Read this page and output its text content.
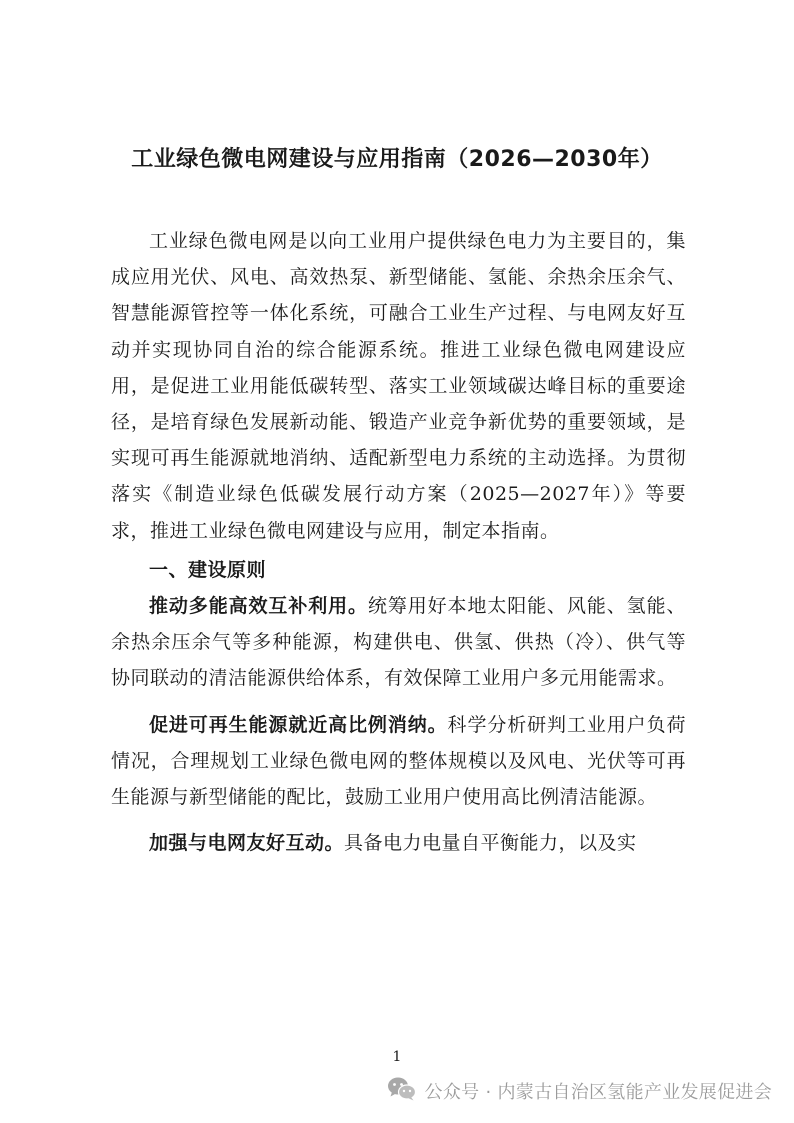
工业绿色微电网建设与应用指南（2026—2030年）

工业绿色微电网是以向工业用户提供绿色电力为主要目的，集成应用光伏、风电、高效热泵、新型储能、氢能、余热余压余气、智慧能源管控等一体化系统，可融合工业生产过程、与电网友好互动并实现协同自治的综合能源系统。推进工业绿色微电网建设应用，是促进工业用能低碳转型、落实工业领域碳达峰目标的重要途径，是培育绿色发展新动能、锻造产业竞争新优势的重要领域，是实现可再生能源就地消纳、适配新型电力系统的主动选择。为贯彻落实《制造业绿色低碳发展行动方案（2025—2027年）》等要求，推进工业绿色微电网建设与应用，制定本指南。

一、建设原则

推动多能高效互补利用。统筹用好本地太阳能、风能、氢能、余热余压余气等多种能源，构建供电、供氢、供热（冷）、供气等协同联动的清洁能源供给体系，有效保障工业用户多元用能需求。

促进可再生能源就近高比例消纳。科学分析研判工业用户负荷情况，合理规划工业绿色微电网的整体规模以及风电、光伏等可再生能源与新型储能的配比，鼓励工业用户使用高比例清洁能源。

加强与电网友好互动。具备电力电量自平衡能力，以及实

1
公众号 · 内蒙古自治区氢能产业发展促进会
